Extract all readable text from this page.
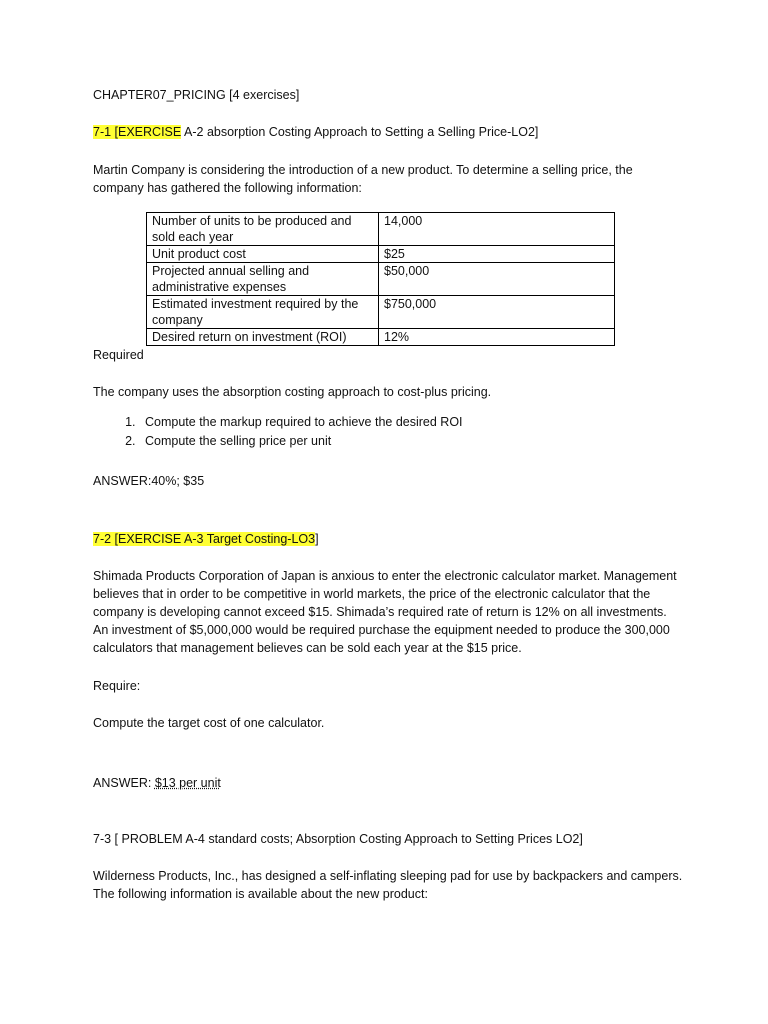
CHAPTER07_PRICING [4 exercises]

7-1 [EXERCISE A-2 absorption Costing Approach to Setting a Selling Price-LO2]

Martin Company is considering the introduction of a new product. To determine a selling price, the company has gathered the following information:

Number of units to be produced and sold each year	14,000
Unit product cost	$25
Projected annual selling and administrative expenses	$50,000
Estimated investment required by the company	$750,000
Desired return on investment (ROI)	12%

Required

The company uses the absorption costing approach to cost-plus pricing.

1. Compute the markup required to achieve the desired ROI
2. Compute the selling price per unit

ANSWER:40%; $35

7-2 [EXERCISE A-3 Target Costing-LO3]

Shimada Products Corporation of Japan is anxious to enter the electronic calculator market. Management believes that in order to be competitive in world markets, the price of the electronic calculator that the company is developing cannot exceed $15. Shimada’s required rate of return is 12% on all investments. An investment of $5,000,000 would be required purchase the equipment needed to produce the 300,000 calculators that management believes can be sold each year at the $15 price.

Require:

Compute the target cost of one calculator.

ANSWER: $13 per unit

7-3 [ PROBLEM A-4 standard costs; Absorption Costing Approach to Setting Prices LO2]

Wilderness Products, Inc., has designed a self-inflating sleeping pad for use by backpackers and campers. The following information is available about the new product:
